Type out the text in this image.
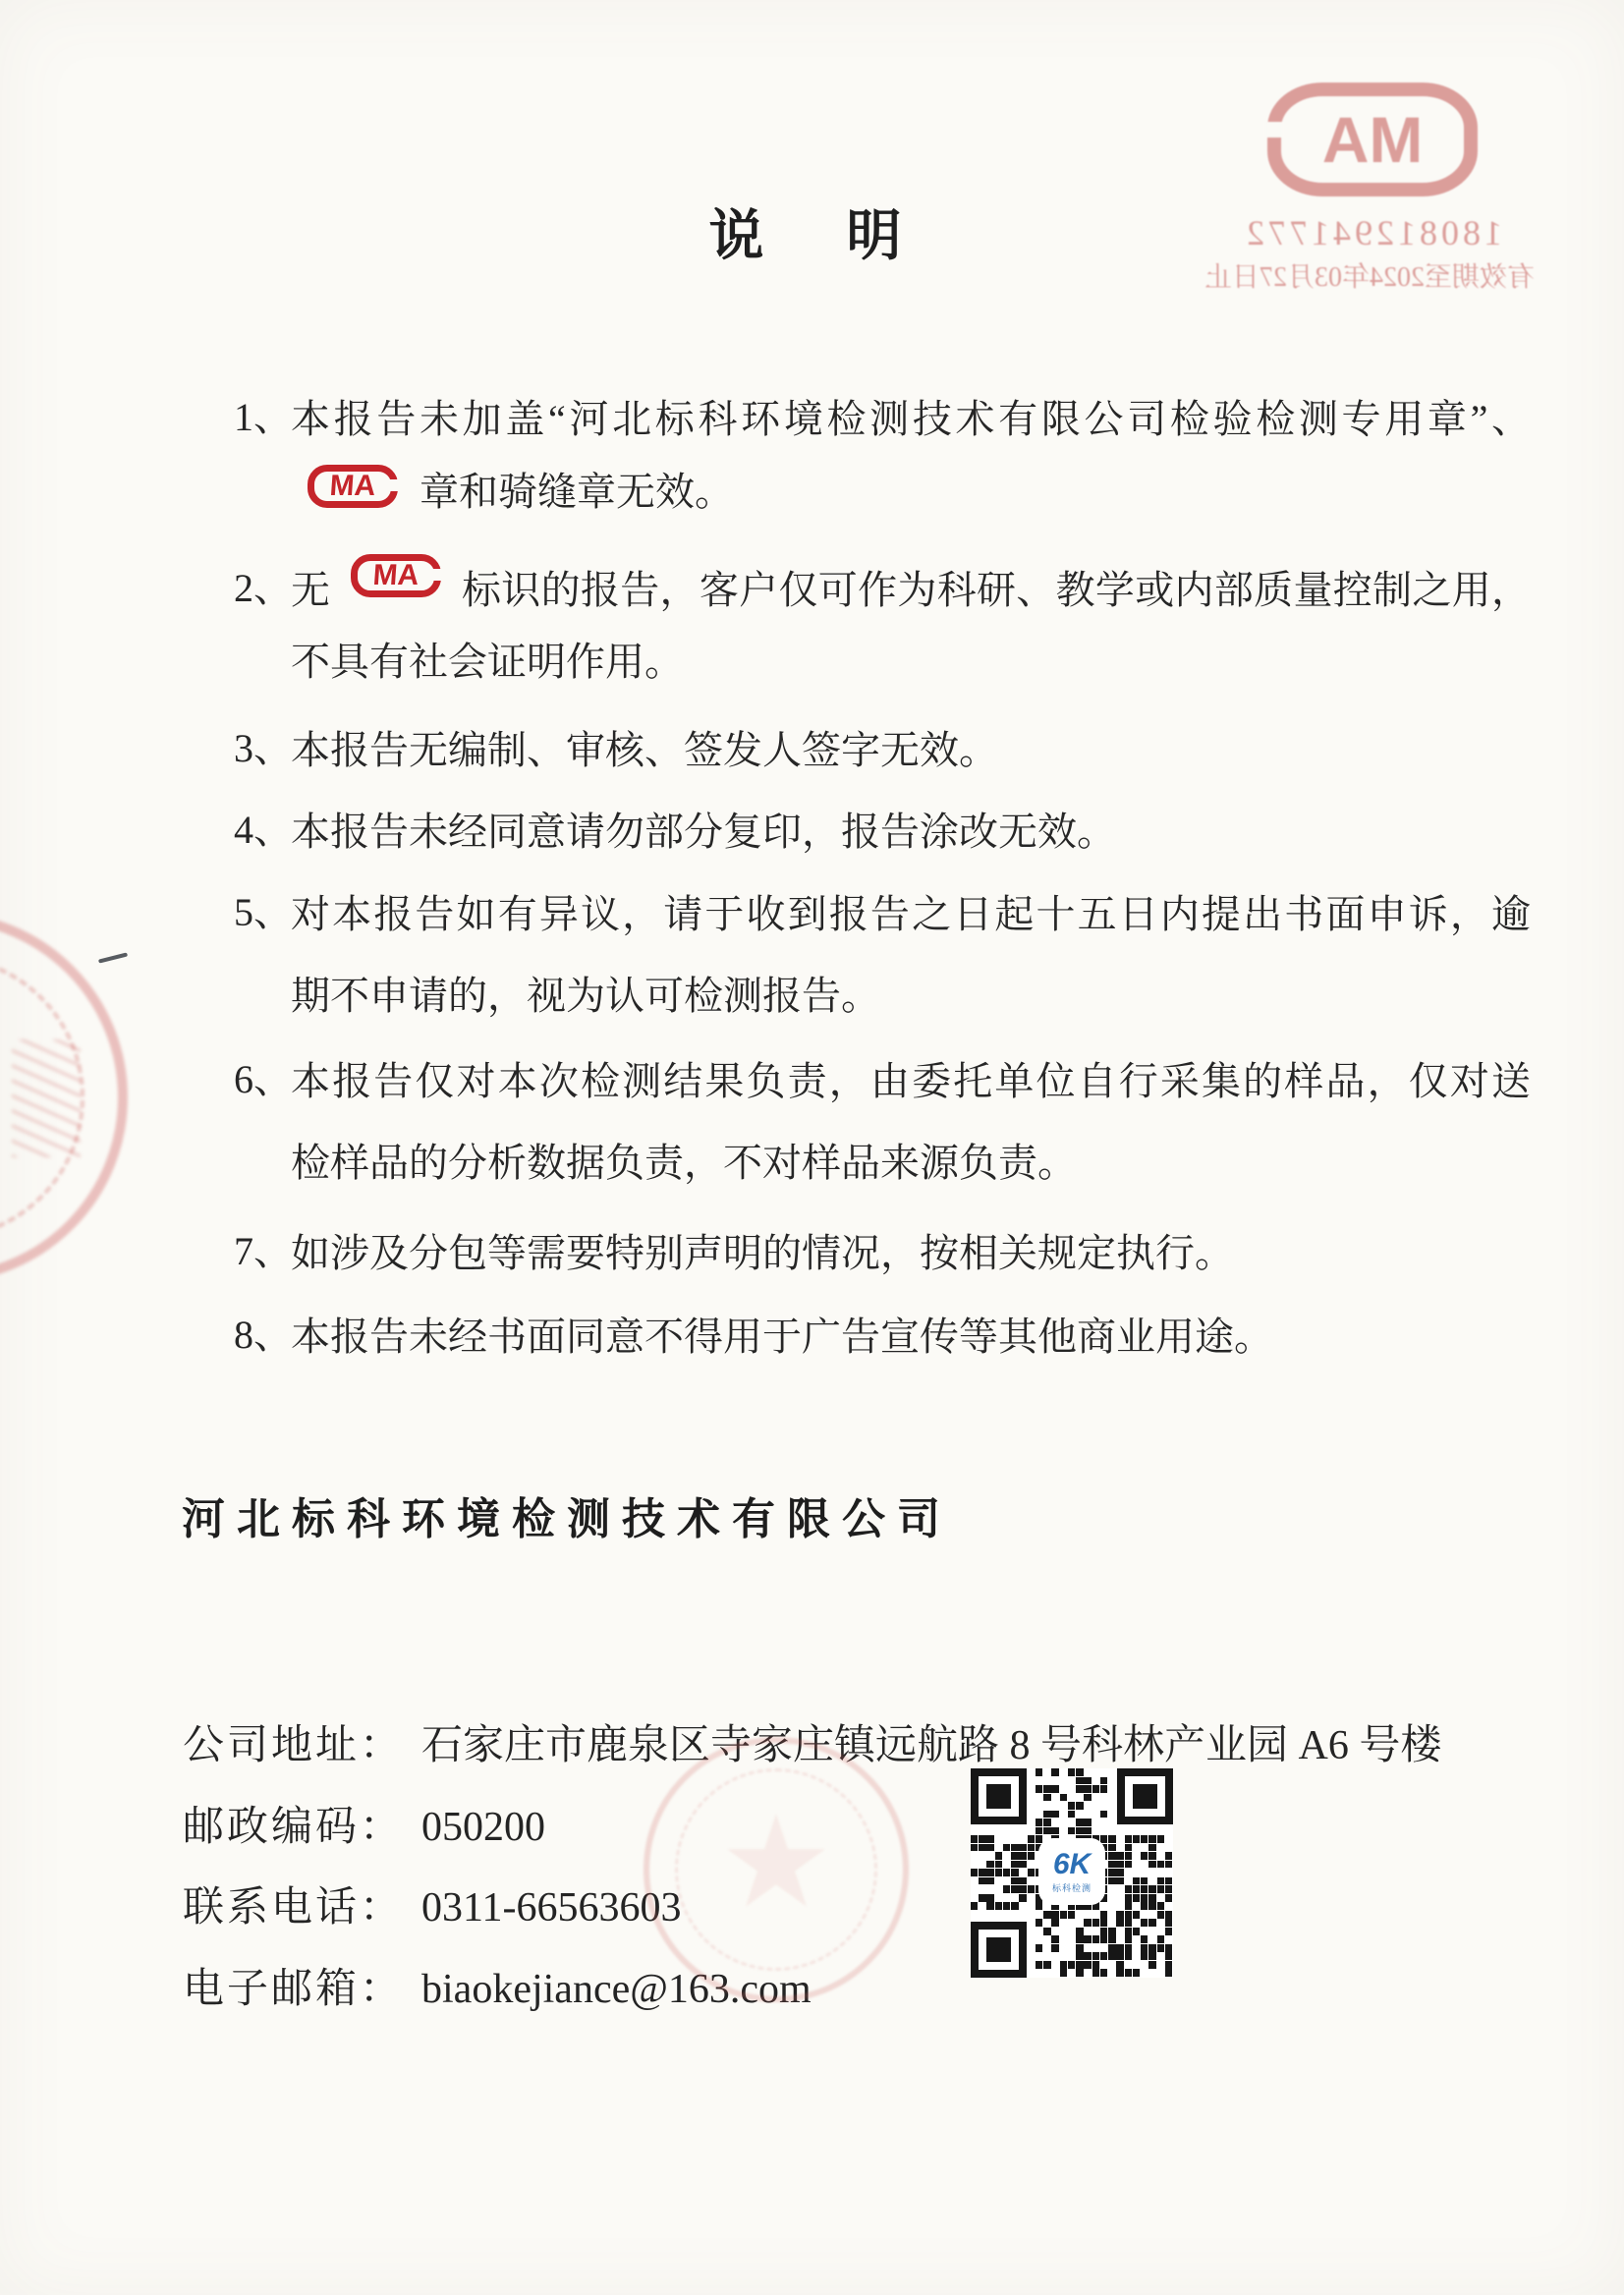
MA
180812941772
有效期至2024年03月27日止
★
说　明
1、
本报告未加盖“河北标科环境检测技术有限公司检验检测专用章”、
MA	章和骑缝章无效。
2、
无	MA	标识的报告，客户仅可作为科研、教学或内部质量控制之用，
不具有社会证明作用。
3、
本报告无编制、审核、签发人签字无效。
4、
本报告未经同意请勿部分复印，报告涂改无效。
5、
对本报告如有异议，请于收到报告之日起十五日内提出书面申诉，逾
期不申请的，视为认可检测报告。
6、
本报告仅对本次检测结果负责，由委托单位自行采集的样品，仅对送
检样品的分析数据负责，不对样品来源负责。
7、
如涉及分包等需要特别声明的情况，按相关规定执行。
8、
本报告未经书面同意不得用于广告宣传等其他商业用途。
河北标科环境检测技术有限公司
公司地址： 石家庄市鹿泉区寺家庄镇远航路 8 号科林产业园 A6 号楼
邮政编码： 050200
联系电话： 0311-66563603
电子邮箱： biaokejiance@163.com
6K
标科检测
